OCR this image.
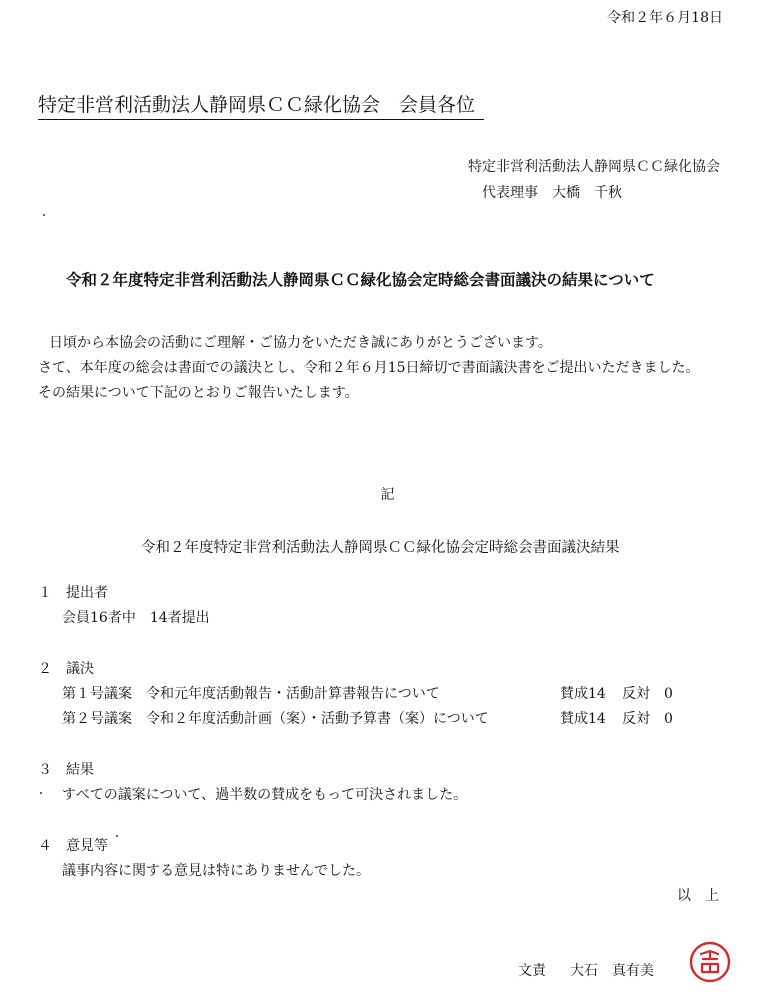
令和２年６月18日
特定非営利活動法人静岡県ＣＣ緑化協会　会員各位
特定非営利活動法人静岡県ＣＣ緑化協会
代表理事　大橋　千秋
令和２年度特定非営利活動法人静岡県ＣＣ緑化協会定時総会書面議決の結果について
日頃から本協会の活動にご理解・ご協力をいただき誠にありがとうございます。
さて、本年度の総会は書面での議決とし、令和２年６月15日締切で書面議決書をご提出いただきました。
その結果について下記のとおりご報告いたします。
記
令和２年度特定非営利活動法人静岡県ＣＣ緑化協会定時総会書面議決結果
１　提出者
会員16者中　14者提出
２　議決
第１号議案　令和元年度活動報告・活動計算書報告について	賛成14 反対　0
第２号議案　令和２年度活動計画（案）・活動予算書（案）について	賛成14 反対　0
３　結果
すべての議案について、過半数の賛成をもって可決されました。
４　意見等
議事内容に関する意見は特にありませんでした。
以　上
文責 大石　真有美
